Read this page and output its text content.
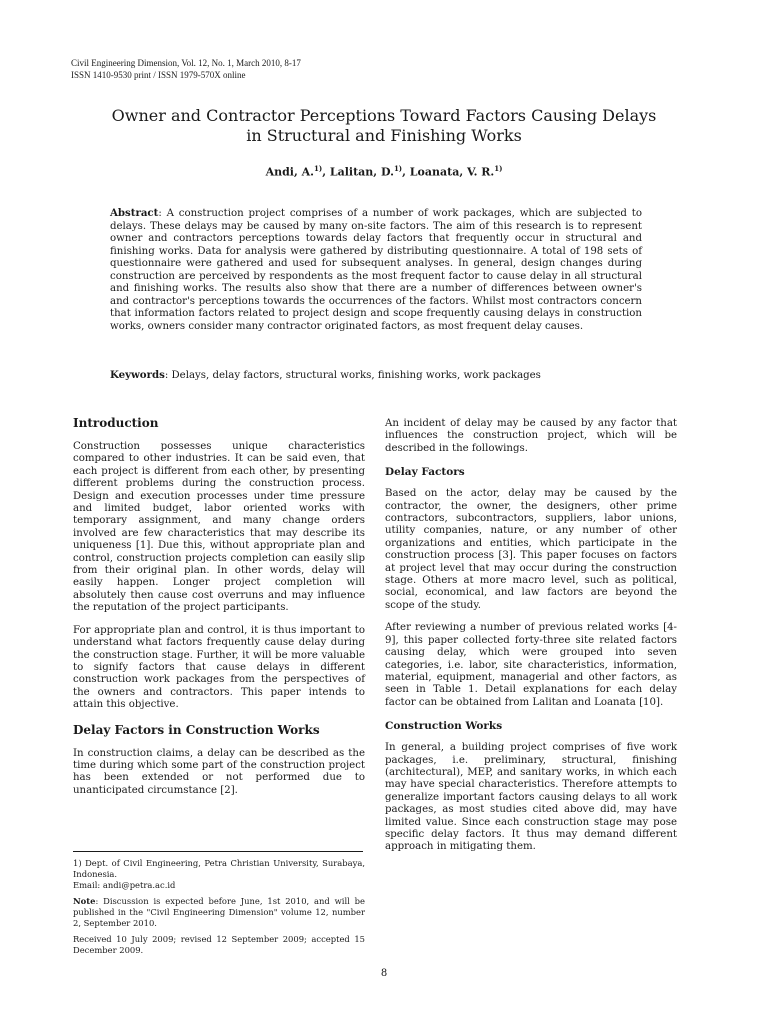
Civil Engineering Dimension, Vol. 12, No. 1, March 2010, 8-17
ISSN 1410-9530 print / ISSN 1979-570X online
Owner and Contractor Perceptions Toward Factors Causing Delays
in Structural and Finishing Works
Andi, A.$^{1)}$, Lalitan, D.$^{1)}$, Loanata, V. R.$^{1)}$

Abstract: A construction project comprises of a number of work packages, which are subjected to delays. These delays may be caused by many on-site factors. The aim of this research is to represent owner and contractors perceptions towards delay factors that frequently occur in structural and finishing works. Data for analysis were gathered by distributing questionnaire. A total of 198 sets of questionnaire were gathered and used for subsequent analyses. In general, design changes during construction are perceived by respondents as the most frequent factor to cause delay in all structural and finishing works. The results also show that there are a number of differences between owner's and contractor's perceptions towards the occurrences of the factors. Whilst most contractors concern that information factors related to project design and scope frequently causing delays in construction works, owners consider many contractor originated factors, as most frequent delay causes.

Keywords: Delays, delay factors, structural works, finishing works, work packages

Introduction

Construction possesses unique characteristics compared to other industries. It can be said even, that each project is different from each other, by presenting different problems during the construction process. Design and execution processes under time pressure and limited budget, labor oriented works with temporary assignment, and many change orders involved are few characteristics that may describe its uniqueness [1]. Due this, without appropriate plan and control, construction projects completion can easily slip from their original plan. In other words, delay will easily happen. Longer project completion will absolutely then cause cost overruns and may influence the reputation of the project participants.

For appropriate plan and control, it is thus important to understand what factors frequently cause delay during the construction stage. Further, it will be more valuable to signify factors that cause delays in different construction work packages from the perspectives of the owners and contractors. This paper intends to attain this objective.

Delay Factors in Construction Works

In construction claims, a delay can be described as the time during which some part of the construction project has been extended or not performed due to unanticipated circumstance [2].

1) Dept. of Civil Engineering, Petra Christian University, Surabaya, Indonesia.
Email: andi@petra.ac.id

Note: Discussion is expected before June, 1st 2010, and will be published in the "Civil Engineering Dimension" volume 12, number 2, September 2010.

Received 10 July 2009; revised 12 September 2009; accepted 15 December 2009.

An incident of delay may be caused by any factor that influences the construction project, which will be described in the followings.

Delay Factors

Based on the actor, delay may be caused by the contractor, the owner, the designers, other prime contractors, subcontractors, suppliers, labor unions, utility companies, nature, or any number of other organizations and entities, which participate in the construction process [3]. This paper focuses on factors at project level that may occur during the construction stage. Others at more macro level, such as political, social, economical, and law factors are beyond the scope of the study.

After reviewing a number of previous related works [4-9], this paper collected forty-three site related factors causing delay, which were grouped into seven categories, i.e. labor, site characteristics, information, material, equipment, managerial and other factors, as seen in Table 1. Detail explanations for each delay factor can be obtained from Lalitan and Loanata [10].

Construction Works

In general, a building project comprises of five work packages, i.e. preliminary, structural, finishing (architectural), MEP, and sanitary works, in which each may have special characteristics. Therefore attempts to generalize important factors causing delays to all work packages, as most studies cited above did, may have limited value. Since each construction stage may pose specific delay factors. It thus may demand different approach in mitigating them.

8
